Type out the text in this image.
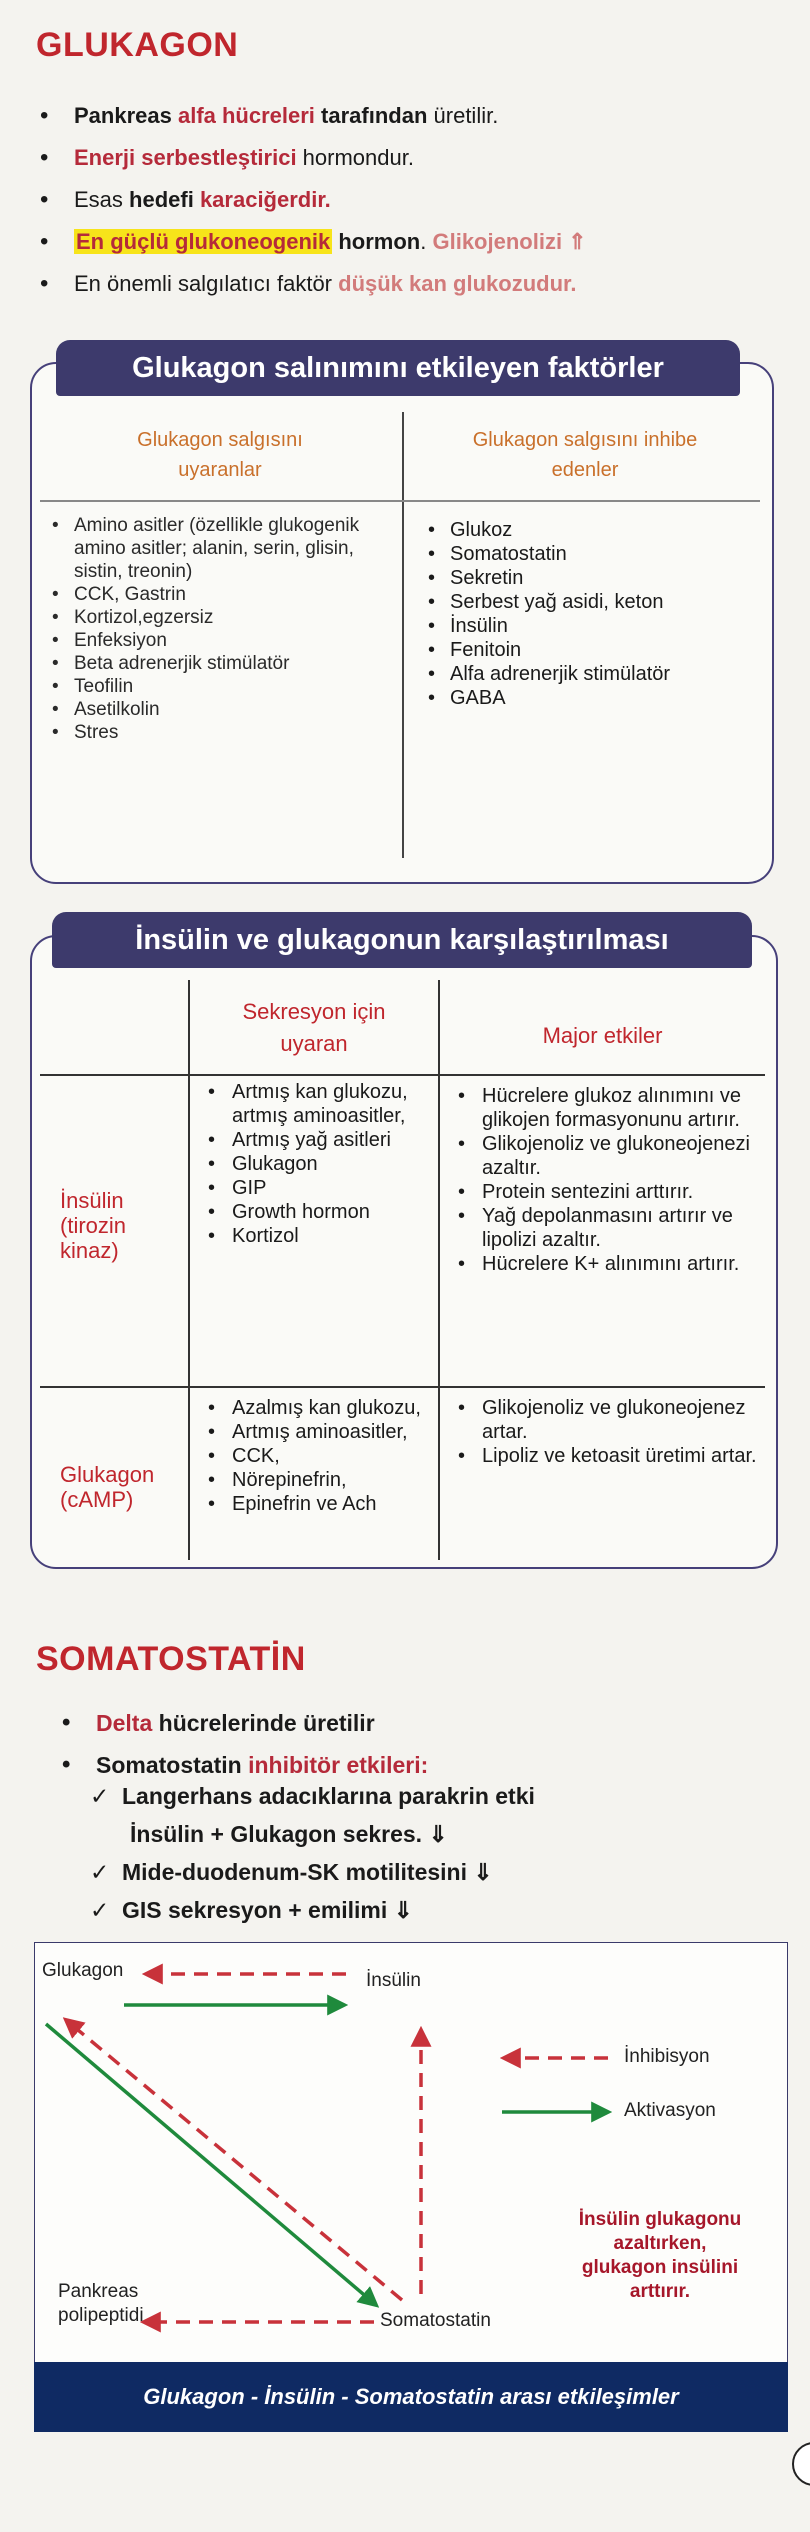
GLUKAGON
• Pankreas alfa hücreleri tarafından üretilir.
• Enerji serbestleştirici hormondur.
• Esas hedefi karaciğerdir.
• En güçlü glukoneogenik hormon. Glikojenolizi ⇑
• En önemli salgılatıcı faktör düşük kan glukozudur.
Glukagon salınımını etkileyen faktörler
Glukagon salgısını
uyaranlar
Glukagon salgısını inhibe
edenler
• Amino asitler (özellikle glukogenik amino asitler; alanin, serin, glisin, sistin, treonin)
• CCK, Gastrin
• Kortizol,egzersiz
• Enfeksiyon
• Beta adrenerjik stimülatör
• Teofilin
• Asetilkolin
• Stres
• Glukoz
• Somatostatin
• Sekretin
• Serbest yağ asidi, keton
• İnsülin
• Fenitoin
• Alfa adrenerjik stimülatör
• GABA
İnsülin ve glukagonun karşılaştırılması
Sekresyon için
uyaran	Major etkiler
İnsülin
(tirozin
kinaz)
• Artmış kan glukozu, artmış aminoasitler,
• Artmış yağ asitleri
• Glukagon
• GIP
• Growth hormon
• Kortizol
• Hücrelere glukoz alınımını ve glikojen formasyonunu artırır.
• Glikojenoliz ve glukoneojenezi azaltır.
• Protein sentezini arttırır.
• Yağ depolanmasını artırır ve lipolizi azaltır.
• Hücrelere K+ alınımını artırır.
Glukagon
(cAMP)
• Azalmış kan glukozu,
• Artmış aminoasitler,
• CCK,
• Nörepinefrin,
• Epinefrin ve Ach
• Glikojenoliz ve glukoneojenez artar.
• Lipoliz ve ketoasit üretimi artar.
SOMATOSTATİN
• Delta hücrelerinde üretilir
• Somatostatin inhibitör etkileri:
✓ Langerhans adacıklarına parakrin etki
İnsülin + Glukagon sekres. ⇓
✓ Mide-duodenum-SK motilitesini ⇓
✓ GIS sekresyon + emilimi ⇓
Glukagon	İnsülin
Somatostatin
Pankreas
polipeptidi
İnhibisyon
Aktivasyon
İnsülin glukagonu
azaltırken,
glukagon insülini
arttırır.
Glukagon - İnsülin - Somatostatin arası etkileşimler
